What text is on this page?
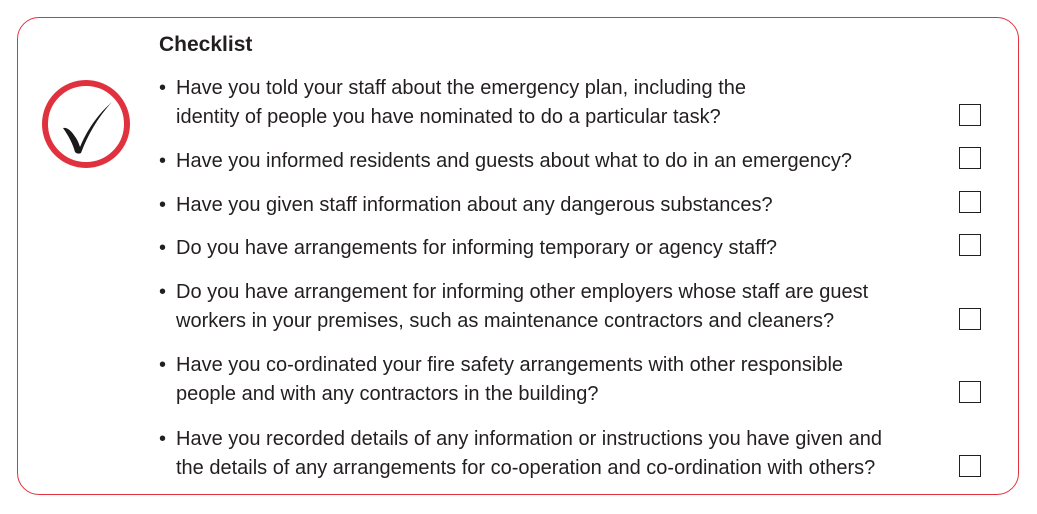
Checklist
• Have you told your staff about the emergency plan, including the
identity of people you have nominated to do a particular task?
• Have you informed residents and guests about what to do in an emergency?
• Have you given staff information about any dangerous substances?
• Do you have arrangements for informing temporary or agency staff?
• Do you have arrangement for informing other employers whose staff are guest
workers in your premises, such as maintenance contractors and cleaners?
• Have you co-ordinated your fire safety arrangements with other responsible
people and with any contractors in the building?
• Have you recorded details of any information or instructions you have given and
the details of any arrangements for co-operation and co-ordination with others?
